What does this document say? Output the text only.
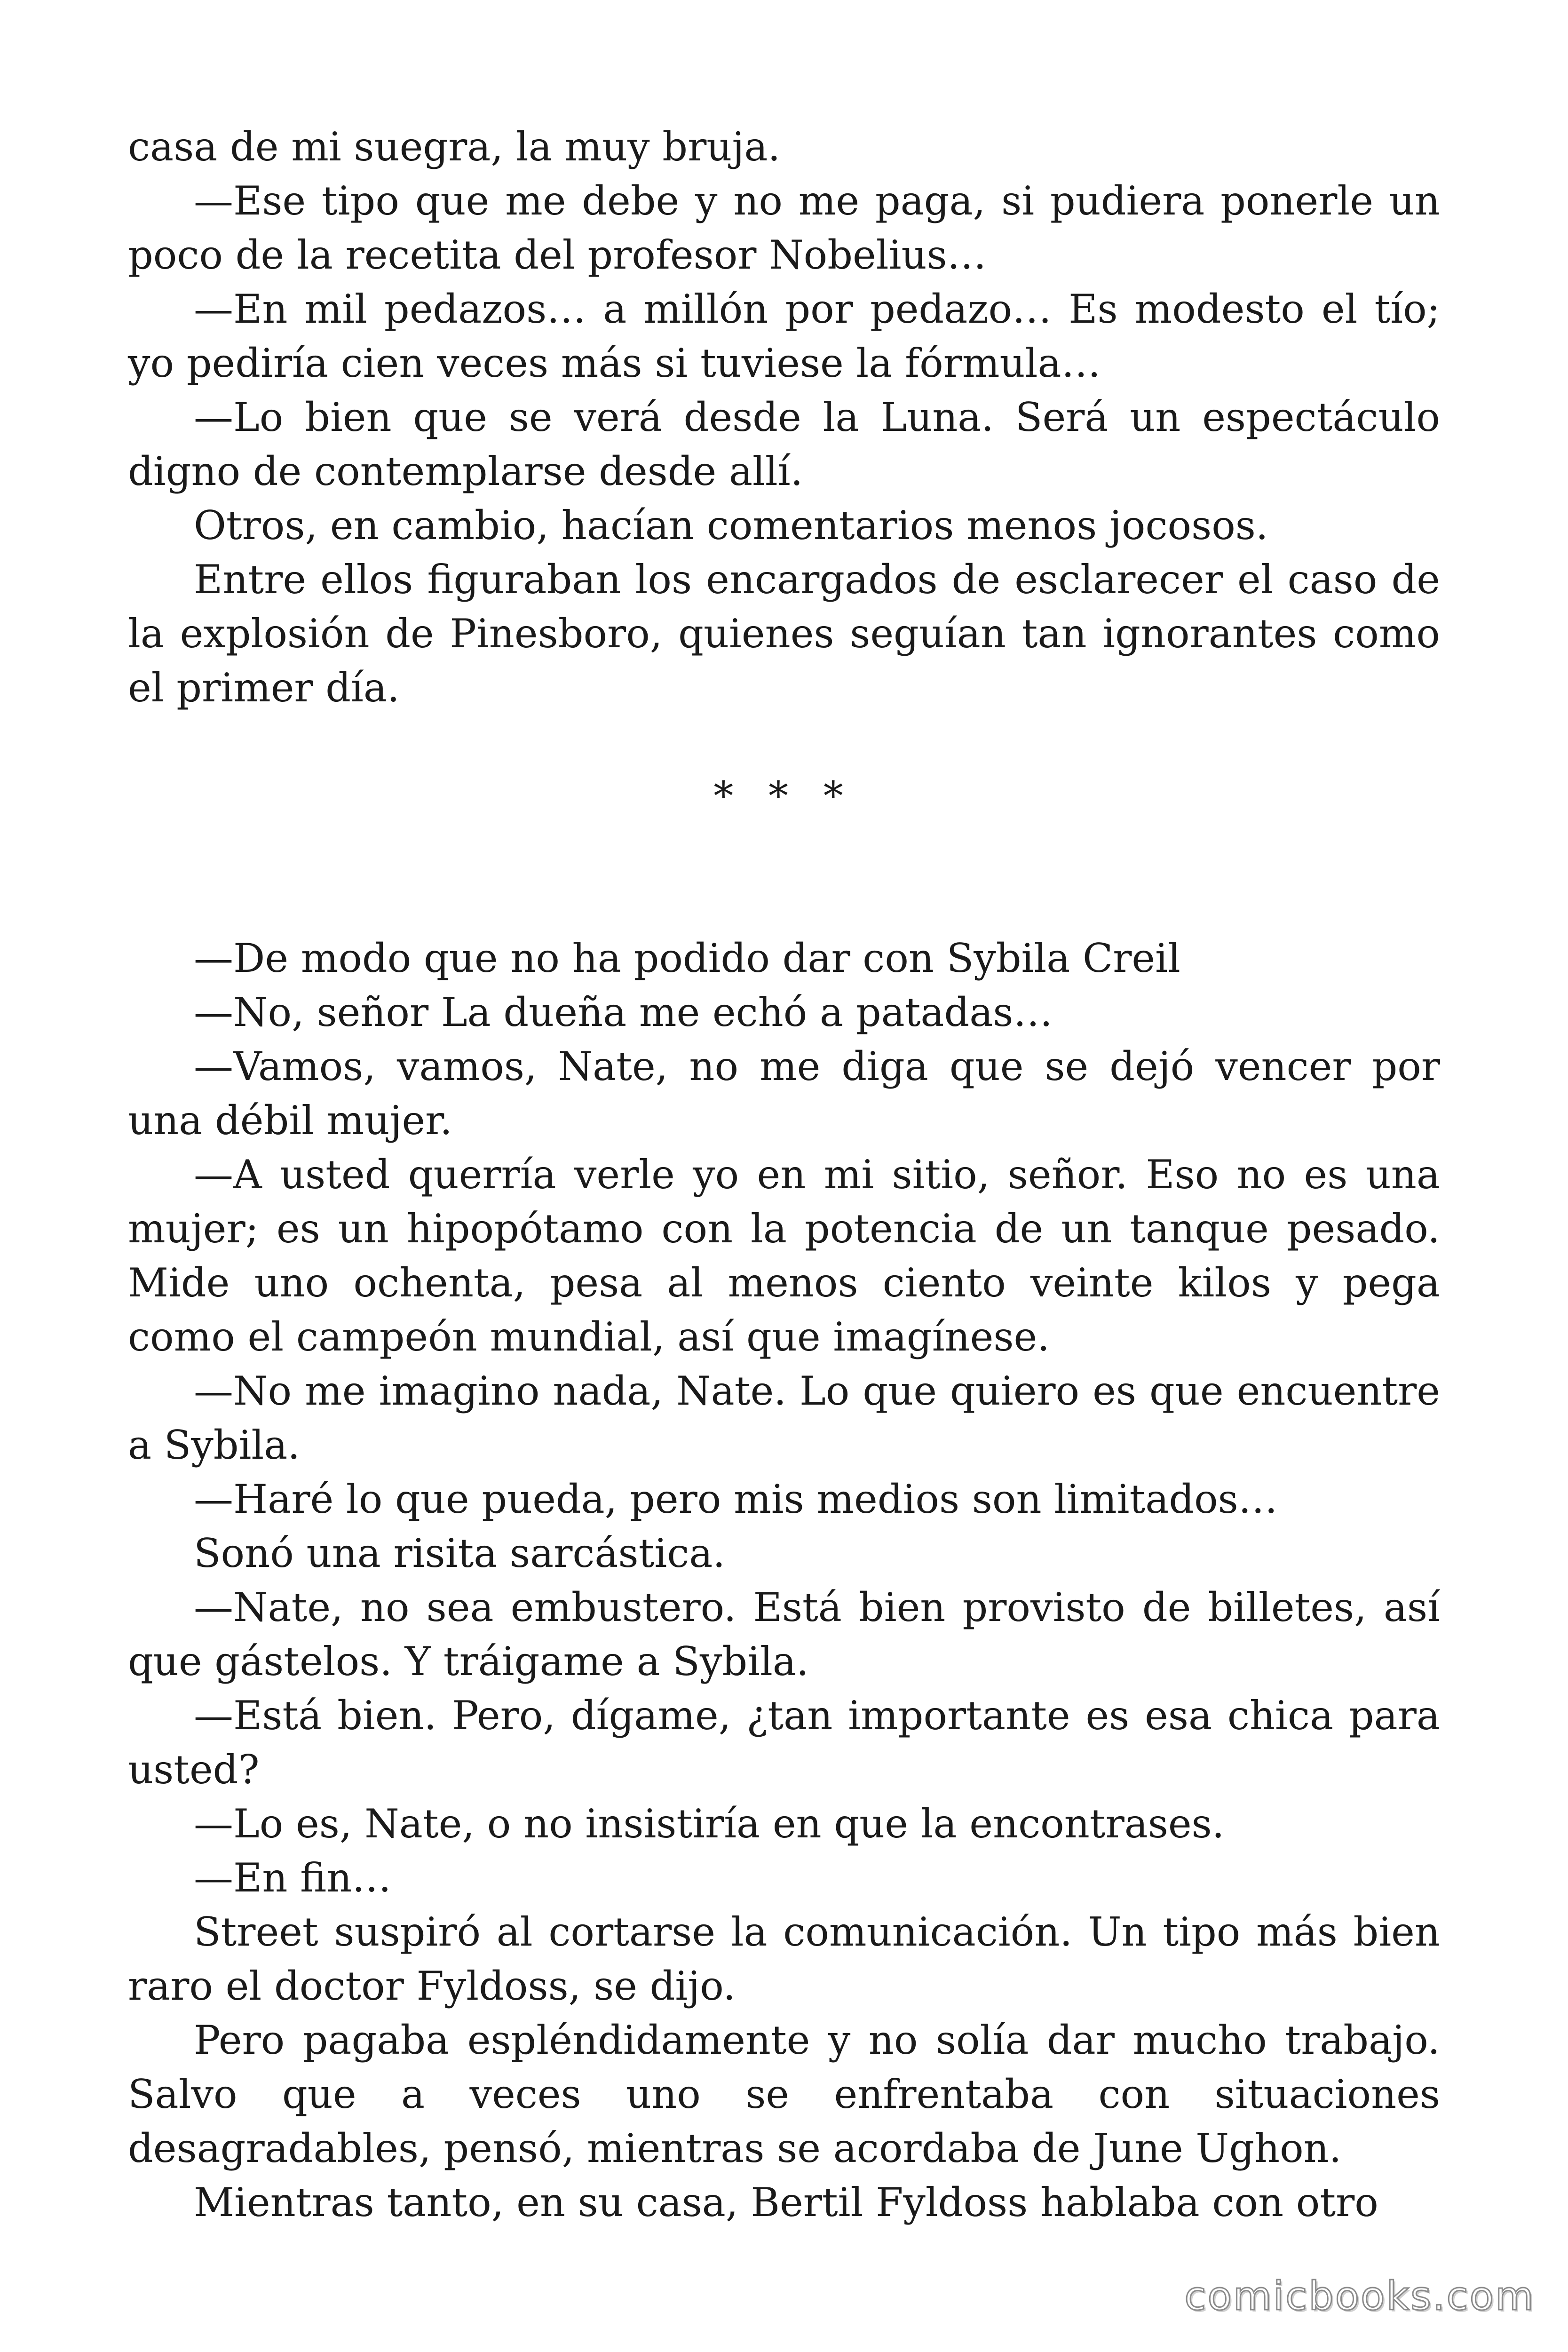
casa de mi suegra, la muy bruja.

—Ese tipo que me debe y no me paga, si pudiera ponerle un poco de la recetita del profesor Nobelius…

—En mil pedazos… a millón por pedazo… Es modesto el tío; yo pediría cien veces más si tuviese la fórmula…

—Lo bien que se verá desde la Luna. Será un espectáculo digno de contemplarse desde allí.

Otros, en cambio, hacían comentarios menos jocosos.

Entre ellos figuraban los encargados de esclarecer el caso de la explosión de Pinesboro, quienes seguían tan ignorantes como el primer día.

* * *

—De modo que no ha podido dar con Sybila Creil

—No, señor La dueña me echó a patadas…

—Vamos, vamos, Nate, no me diga que se dejó vencer por una débil mujer.

—A usted querría verle yo en mi sitio, señor. Eso no es una mujer; es un hipopótamo con la potencia de un tanque pesado. Mide uno ochenta, pesa al menos ciento veinte kilos y pega como el campeón mundial, así que imagínese.

—No me imagino nada, Nate. Lo que quiero es que encuentre a Sybila.

—Haré lo que pueda, pero mis medios son limitados…

Sonó una risita sarcástica.

—Nate, no sea embustero. Está bien provisto de billetes, así que gástelos. Y tráigame a Sybila.

—Está bien. Pero, dígame, ¿tan importante es esa chica para usted?

—Lo es, Nate, o no insistiría en que la encontrases.

—En fin…

Street suspiró al cortarse la comunicación. Un tipo más bien raro el doctor Fyldoss, se dijo.

Pero pagaba espléndidamente y no solía dar mucho trabajo. Salvo que a veces uno se enfrentaba con situaciones desagradables, pensó, mientras se acordaba de June Ughon.

Mientras tanto, en su casa, Bertil Fyldoss hablaba con otro

comicbooks.com
